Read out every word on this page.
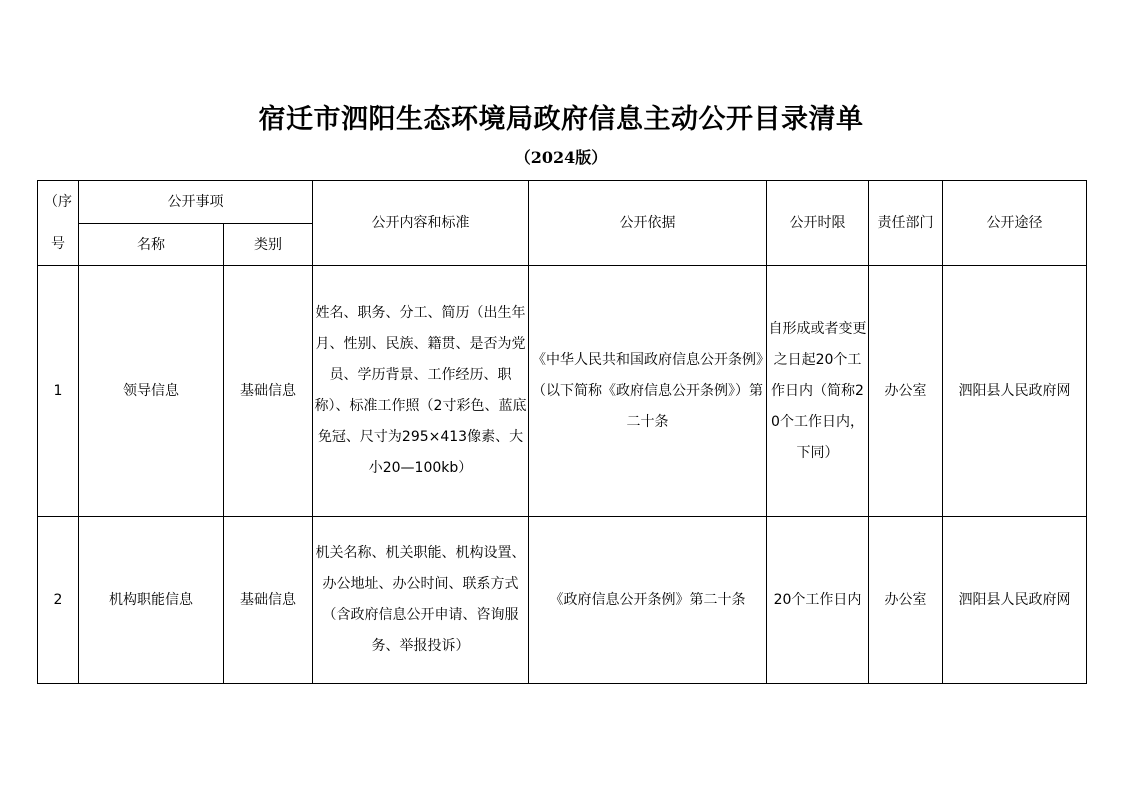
宿迁市泗阳生态环境局政府信息主动公开目录清单
（2024版）
（序号	公开事项		公开内容和标准	公开依据	公开时限	责任部门	公开途径
	名称	类别					
1	领导信息	基础信息	姓名、职务、分工、简历（出生年月、性别、民族、籍贯、是否为党员、学历背景、工作经历、职称）、标准工作照（2寸彩色、蓝底免冠、尺寸为295×413像素、大小20—100kb）	《中华人民共和国政府信息公开条例》（以下简称《政府信息公开条例》）第二十条	自形成或者变更之日起20个工作日内（简称20个工作日内，下同）	办公室	泗阳县人民政府网
2	机构职能信息	基础信息	机关名称、机关职能、机构设置、办公地址、办公时间、联系方式（含政府信息公开申请、咨询服务、举报投诉）	《政府信息公开条例》第二十条	20个工作日内	办公室	泗阳县人民政府网
